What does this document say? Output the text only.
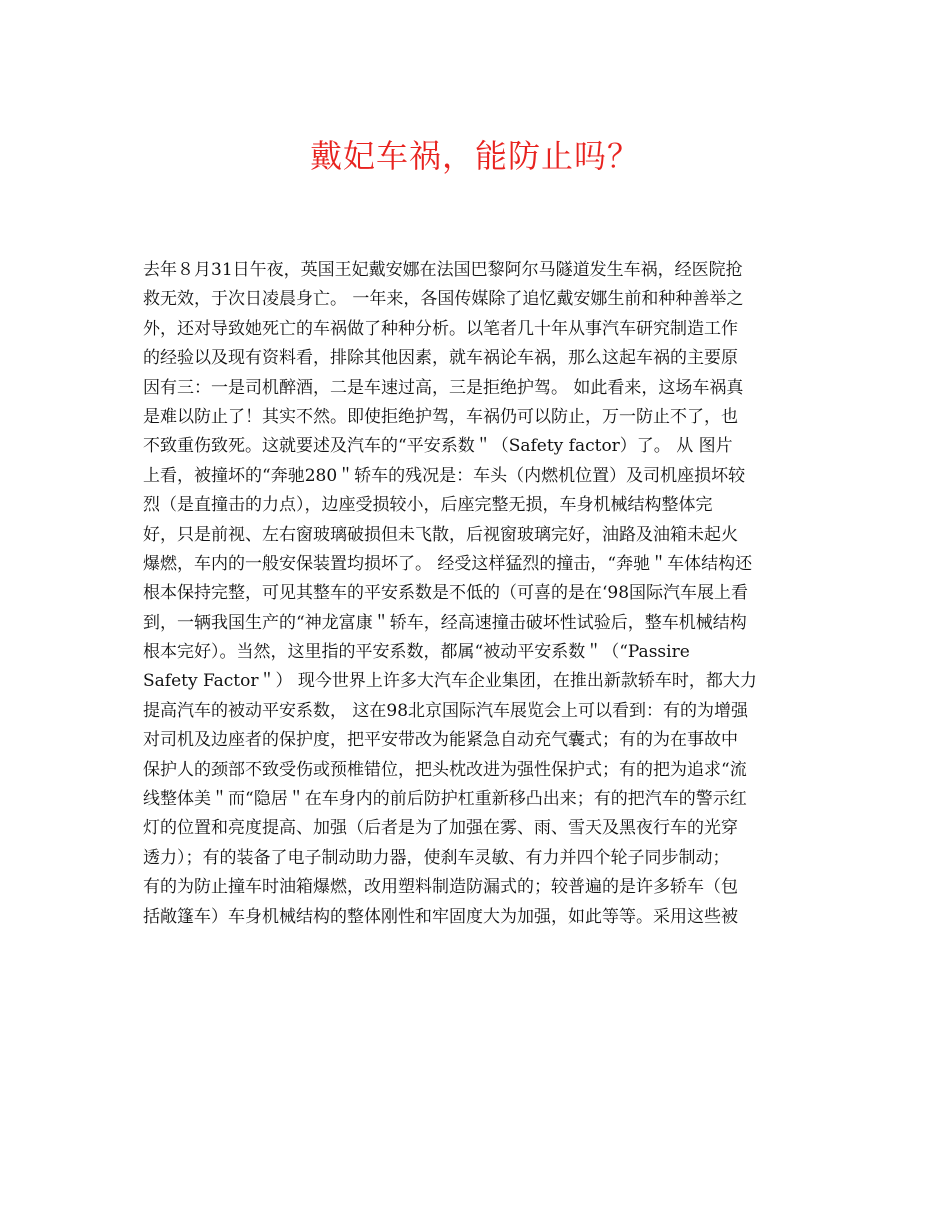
戴妃车祸，能防止吗？
去年８月31日午夜，英国王妃戴安娜在法国巴黎阿尔马隧道发生车祸，经医院抢
救无效，于次日凌晨身亡。 一年来，各国传媒除了追忆戴安娜生前和种种善举之
外，还对导致她死亡的车祸做了种种分析。以笔者几十年从事汽车研究制造工作
的经验以及现有资料看，排除其他因素，就车祸论车祸，那么这起车祸的主要原
因有三：一是司机醉酒，二是车速过高，三是拒绝护驾。 如此看来，这场车祸真
是难以防止了！其实不然。即使拒绝护驾，车祸仍可以防止，万一防止不了，也
不致重伤致死。这就要述及汽车的“平安系数＂（Safety factor）了。 从 图片
上看，被撞坏的“奔驰280＂轿车的残况是：车头（内燃机位置）及司机座损坏较
烈（是直撞击的力点），边座受损较小，后座完整无损，车身机械结构整体完
好，只是前视、左右窗玻璃破损但未飞散，后视窗玻璃完好，油路及油箱未起火
爆燃，车内的一般安保装置均损坏了。 经受这样猛烈的撞击，“奔驰＂车体结构还
根本保持完整，可见其整车的平安系数是不低的（可喜的是在‘98国际汽车展上看
到，一辆我国生产的“神龙富康＂轿车，经高速撞击破坏性试验后，整车机械结构
根本完好）。当然，这里指的平安系数，都属“被动平安系数＂（“Passire
Safety Factor＂） 现今世界上许多大汽车企业集团，在推出新款轿车时，都大力
提高汽车的被动平安系数， 这在98北京国际汽车展览会上可以看到：有的为增强
对司机及边座者的保护度，把平安带改为能紧急自动充气囊式；有的为在事故中
保护人的颈部不致受伤或预椎错位，把头枕改进为强性保护式；有的把为追求“流
线整体美＂而“隐居＂在车身内的前后防护杠重新移凸出来；有的把汽车的警示红
灯的位置和亮度提高、加强（后者是为了加强在雾、雨、雪天及黑夜行车的光穿
透力）；有的装备了电子制动助力器，使刹车灵敏、有力并四个轮子同步制动；
有的为防止撞车时油箱爆燃，改用塑料制造防漏式的；较普遍的是许多轿车（包
括敞篷车）车身机械结构的整体刚性和牢固度大为加强，如此等等。采用这些被
